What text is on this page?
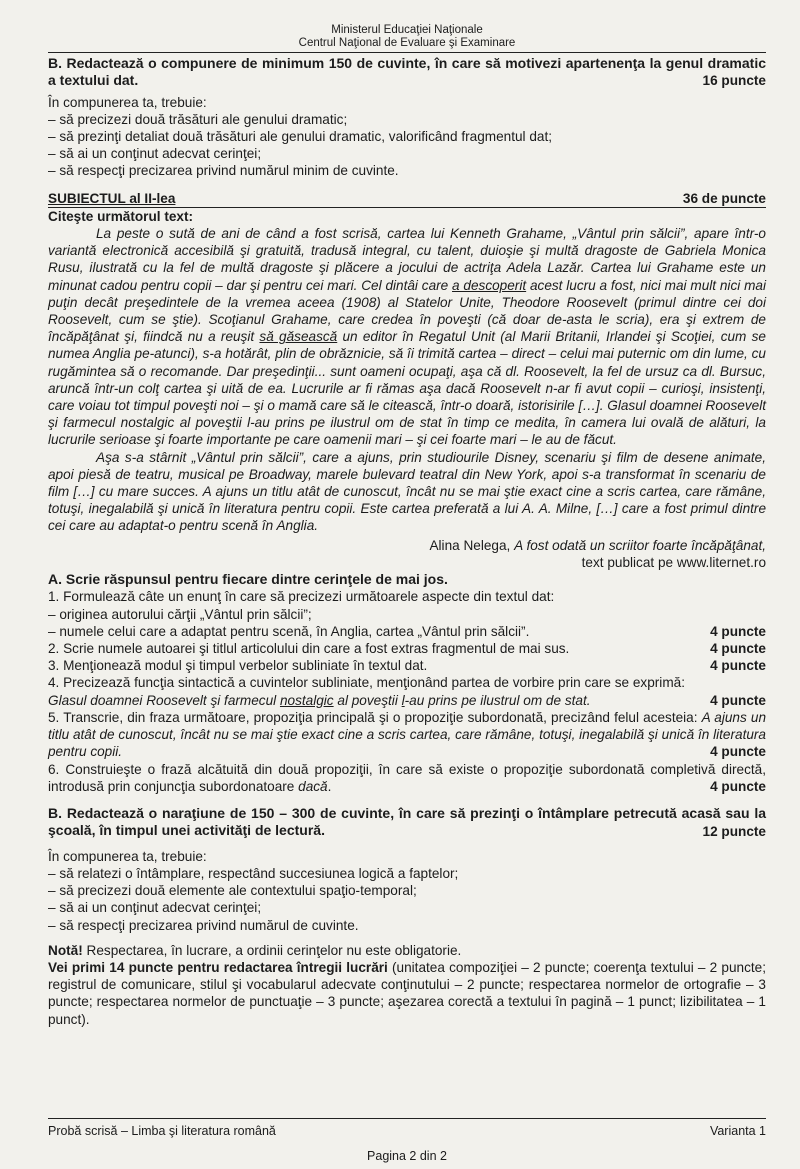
Ministerul Educaţiei Naţionale
Centrul Naţional de Evaluare şi Examinare

B. Redactează o compunere de minimum 150 de cuvinte, în care să motivezi apartenenţa la genul dramatic a textului dat.	16 puncte

În compunerea ta, trebuie:

– să precizezi două trăsături ale genului dramatic;

– să prezinţi detaliat două trăsături ale genului dramatic, valorificând fragmentul dat;

– să ai un conţinut adecvat cerinţei;

– să respecţi precizarea privind numărul minim de cuvinte.

SUBIECTUL al II-lea	36 de puncte

Citeşte următorul text:

La peste o sută de ani de când a fost scrisă, cartea lui Kenneth Grahame, „Vântul prin sălcii”, apare într-o variantă electronică accesibilă şi gratuită, tradusă integral, cu talent, duioşie şi multă dragoste de Gabriela Monica Rusu, ilustrată cu la fel de multă dragoste şi plăcere a jocului de actriţa Adela Lazăr. Cartea lui Grahame este un minunat cadou pentru copii – dar şi pentru cei mari. Cel dintâi care a descoperit acest lucru a fost, nici mai mult nici mai puţin decât preşedintele de la vremea aceea (1908) al Statelor Unite, Theodore Roosevelt (primul dintre cei doi Roosevelt, cum se ştie). Scoţianul Grahame, care credea în poveşti (că doar de-asta le scria), era şi extrem de încăpăţânat şi, fiindcă nu a reuşit să găsească un editor în Regatul Unit (al Marii Britanii, Irlandei şi Scoţiei, cum se numea Anglia pe-atunci), s-a hotărât, plin de obrăznicie, să îi trimită cartea – direct – celui mai puternic om din lume, cu rugămintea să o recomande. Dar preşedinţii... sunt oameni ocupaţi, aşa că dl. Roosevelt, la fel de ursuz ca dl. Bursuc, aruncă într-un colţ cartea şi uită de ea. Lucrurile ar fi rămas aşa dacă Roosevelt n-ar fi avut copii – curioşi, insistenţi, care voiau tot timpul poveşti noi – şi o mamă care să le citească, într-o doară, istorisirile […]. Glasul doamnei Roosevelt şi farmecul nostalgic al poveştii l-au prins pe ilustrul om de stat în timp ce medita, în camera lui ovală de alături, la lucrurile serioase şi foarte importante pe care oamenii mari – şi cei foarte mari – le au de făcut.

Aşa s-a stârnit „Vântul prin sălcii”, care a ajuns, prin studiourile Disney, scenariu şi film de desene animate, apoi piesă de teatru, musical pe Broadway, marele bulevard teatral din New York, apoi s-a transformat în scenariu de film […] cu mare succes. A ajuns un titlu atât de cunoscut, încât nu se mai ştie exact cine a scris cartea, care rămâne, totuşi, inegalabilă şi unică în literatura pentru copii. Este cartea preferată a lui A. A. Milne, […] care a fost primul dintre cei care au adaptat-o pentru scenă în Anglia.

Alina Nelega, A fost odată un scriitor foarte încăpăţânat,
text publicat pe www.liternet.ro

A. Scrie răspunsul pentru fiecare dintre cerinţele de mai jos.

1. Formulează câte un enunţ în care să precizezi următoarele aspecte din textul dat:

– originea autorului cărţii „Vântul prin sălcii”;

– numele celui care a adaptat pentru scenă, în Anglia, cartea „Vântul prin sălcii”.	4 puncte
2. Scrie numele autoarei şi titlul articolului din care a fost extras fragmentul de mai sus.	4 puncte
3. Menţionează modul şi timpul verbelor subliniate în textul dat.	4 puncte

4. Precizează funcţia sintactică a cuvintelor subliniate, menţionând partea de vorbire prin care se exprimă:

Glasul doamnei Roosevelt şi farmecul nostalgic al poveştii l-au prins pe ilustrul om de stat.	4 puncte

5. Transcrie, din fraza următoare, propoziţia principală şi o propoziţie subordonată, precizând felul acesteia: A ajuns un titlu atât de cunoscut, încât nu se mai ştie exact cine a scris cartea, care rămâne, totuşi, inegalabilă şi unică în literatura pentru copii.	4 puncte

6. Construieşte o frază alcătuită din două propoziţii, în care să existe o propoziţie subordonată completivă directă, introdusă prin conjuncţia subordonatoare dacă.	4 puncte

B. Redactează o naraţiune de 150 – 300 de cuvinte, în care să prezinţi o întâmplare petrecută acasă sau la şcoală, în timpul unei activităţi de lectură.	12 puncte

În compunerea ta, trebuie:

– să relatezi o întâmplare, respectând succesiunea logică a faptelor;

– să precizezi două elemente ale contextului spaţio-temporal;

– să ai un conţinut adecvat cerinţei;

– să respecţi precizarea privind numărul de cuvinte.

Notă! Respectarea, în lucrare, a ordinii cerinţelor nu este obligatorie.

Vei primi 14 puncte pentru redactarea întregii lucrări (unitatea compoziţiei – 2 puncte; coerenţa textului – 2 puncte; registrul de comunicare, stilul şi vocabularul adecvate conţinutului – 2 puncte; respectarea normelor de ortografie – 3 puncte; respectarea normelor de punctuaţie – 3 puncte; aşezarea corectă a textului în pagină – 1 punct; lizibilitatea – 1 punct).

Probă scrisă – Limba şi literatura română	Varianta 1
Pagina 2 din 2
